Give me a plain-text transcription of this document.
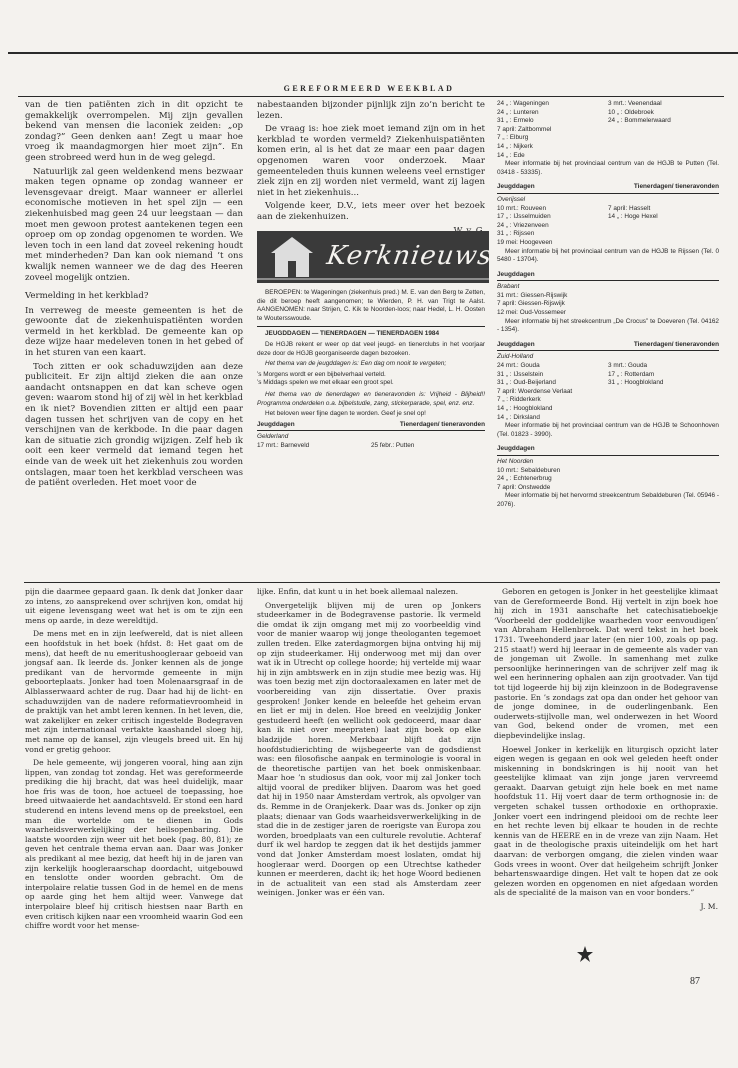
GEREFORMEERD WEEKBLAD

van de tien patiënten zich in dit opzicht te gemakkelijk overrompelen. Mij zijn gevallen bekend van mensen die laconiek zeiden: „op zondag?” Geen denken aan! Zegt u maar hoe vroeg ik maandagmorgen hier moet zijn”. En geen strobreed werd hun in de weg gelegd.

Natuurlijk zal geen weldenkend mens bezwaar maken tegen opname op zondag wanneer er levensgevaar dreigt. Maar wanneer er allerlei economische motieven in het spel zijn — een ziekenhuisbed mag geen 24 uur leegstaan — dan moet men gewoon protest aantekenen tegen een oproep om op zondag opgenomen te worden. We leven toch in een land dat zoveel rekening houdt met minderheden? Dan kan ook niemand ’t ons kwalijk nemen wanneer we de dag des Heeren zoveel mogelijk ontzien.

Vermelding in het kerkblad?

In verreweg de meeste gemeenten is het de gewoonte dat de ziekenhuispatiënten worden vermeld in het kerkblad. De gemeente kan op deze wijze haar medeleven tonen in het gebed of in het sturen van een kaart.

Toch zitten er ook schaduwzijden aan deze publiciteit. Er zijn altijd zieken die aan onze aandacht ontsnappen en dat kan scheve ogen geven: waarom stond hij of zij wèl in het kerkblad en ik niet? Bovendien zitten er altijd een paar dagen tussen het schrijven van de copy en het verschijnen van de kerkbode. In die paar dagen kan de situatie zich grondig wijzigen. Zelf heb ik ooit een keer vermeld dat iemand tegen het einde van de week uit het ziekenhuis zou worden ontslagen, maar toen het kerkblad verscheen was de patiënt overleden. Het moet voor de

nabestaanden bijzonder pijnlijk zijn zo’n bericht te lezen.

De vraag is: hoe ziek moet iemand zijn om in het kerkblad te worden vermeld? Ziekenhuispatiënten komen erin, al is het dat ze maar een paar dagen opgenomen waren voor onderzoek. Maar gemeenteleden thuis kunnen weleens veel ernstiger ziek zijn en zij worden niet vermeld, want zij lagen niet in het ziekenhuis...

Volgende keer, D.V., iets meer over het bezoek aan de ziekenhuizen.

Kerknieuws

BEROEPEN: te Wageningen (ziekenhuis pred.) M. E. van den Berg te Zetten, die dit beroep heeft aangenomen; te Wierden, P. H. van Trigt te Aalst. AANGENOMEN: naar Strijen, C. Kik te Noorden-loos; naar Hedel, L. H. Oosten te Woutersswoude.

JEUGDDAGEN — TIENERDAGEN — TIENERDAGEN 1984

De HGJB rekent er weer op dat veel jeugd- en tienerclubs in het voorjaar deze door de HGJB georganiseerde dagen bezoeken.

Het thema van de jeugddagen is: Een dag om nooit te vergeten;

’s Morgens wordt er een bijbelverhaal verteld.
’s Middags spelen we met elkaar een groot spel.

Het thema van de tienerdagen en tieneravonden is: Vrijheid - Blijheid!! Programma onderdelen o.a. bijbelstudie, zang, stickerparade, spel, enz. enz.

Het beloven weer fijne dagen te worden. Geef je snel op!

Jeugddagen	Tienerdagen/ tieneravonden
Gelderland
17 mrt.: Barneveld	25 febr.: Putten
24 „ : Wageningen	3 mrt.: Veenendaal
24 „ : Lunteren	10 „ : Oldebroek
31 „ : Ermelo	24 „ : Bommelerwaard
7 april: Zaltbommel
7 „ : Elburg
14 „ : Nijkerk
14 „ : Ede

Meer informatie bij het provinciaal centrum van de HGJB te Putten (Tel. 03418 - 53335).

Jeugddagen	Tienerdagen/ tieneravonden
Overijssel
10 mrt.: Rouveen	7 april: Hasselt
17 „ : IJsselmuiden	14 „ : Hoge Hexel
24 „ : Vriezenveen
31 „ : Rijssen
19 mei: Hoogeveen

Meer informatie bij het provinciaal centrum van de HGJB te Rijssen (Tel. 0 5480 - 13704).

Jeugddagen
Brabant
31 mrt.: Giessen-Rijswijk
7 april: Giessen-Rijswijk
12 mei: Oud-Vossemeer

Meer informatie bij het streekcentrum „De Crocus” te Doeveren (Tel. 04162 - 1354).

Jeugddagen	Tienerdagen/ tieneravonden
Zuid-Holland
24 mrt.: Gouda	3 mrt.: Gouda
31 „ : IJsselstein	17 „ : Rotterdam
31 „ : Oud-Beijerland	31 „ : Hoogblokland
7 april: Woerdense Verlaat
7 „ : Ridderkerk
14 „ : Hoogblokland
14 „ : Dirksland

Meer informatie bij het provinciaal centrum van de HGJB te Schoonhoven (Tel. 01823 - 3990).

Jeugddagen
Het Noorden
10 mrt.: Sebaldeburen
24 „ : Echtenerbrug
7 april: Onstwedde

Meer informatie bij het hervormd streekcentrum Sebaldeburen (Tel. 05946 - 2076).

pijn die daarmee gepaard gaan. Ik denk dat Jonker daar zo intens, zo aansprekend over schrijven kon, omdat hij uit eigene levensgang weet wat het is om te zijn een mens op aarde, in deze wereldtijd.

De mens met en in zijn leefwereld, dat is niet alleen een hoofdstuk in het boek (hfdst. 8: Het gaat om de mens), dat heeft de nu emeritushoogleraar geboeid van jongsaf aan. Ik leerde ds. Jonker kennen als de jonge predikant van de hervormde gemeente in mijn geboorteplaats. Jonker had toen Molenaarsgraaf in de Alblasserwaard achter de rug. Daar had hij de licht- en schaduwzijden van de nadere reformatievroomheid in de praktijk van het ambt leren kennen. In het leven, die, wat zakelijker en zeker critisch ingestelde Bodegraven met zijn internationaal vertakte kaashandel sloeg hij, met name op de kansel, zijn vleugels breed uit. En hij vond er gretig gehoor.

De hele gemeente, wij jongeren vooral, hing aan zijn lippen, van zondag tot zondag. Het was gereformeerde prediking die hij bracht, dat was heel duidelijk, maar hoe fris was de toon, hoe actueel de toepassing, hoe breed uitwaaierde het aandachtsveld. Er stond een hard studerend en intens levend mens op de preekstoel, een man die wortelde om te dienen in Gods waarheidsverwerkelijking der heilsopenbaring. Die laatste woorden zijn weer uit het boek (pag. 80, 81); ze geven het centrale thema ervan aan. Daar was Jonker als predikant al mee bezig, dat heeft hij in de jaren van zijn kerkelijk hoogleraarschap doordacht, uitgebouwd en tenslotte onder woorden gebracht. Om de interpolaire relatie tussen God in de hemel en de mens op aarde ging het hem altijd weer. Vanwege dat interpolaire bleef hij critisch hiestsen naar Barth en even critisch kijken naar een vroomheid waarin God een chiffre wordt voor het mense-

lijke. Enfin, dat kunt u in het boek allemaal nalezen.

Onvergetelijk blijven mij de uren op Jonkers studeerkamer in de Bodegravense pastorie. Ik vermeld die omdat ik zijn omgang met mij zo voorbeeldig vind voor de manier waarop wij jonge theologanten tegemoet zullen treden. Elke zaterdagmorgen bijna ontving hij mij op zijn studeerkamer. Hij onderwoog met mij dan over wat ik in Utrecht op college hoorde; hij vertelde mij waar hij in zijn ambtswerk en in zijn studie mee bezig was. Hij was toen bezig met zijn doctoraalexamen en later met de voorbereiding van zijn dissertatie. Over praxis gesproken! Jonker kende en beleefde het geheim ervan en liet er mij in delen. Hoe breed en veelzijdig Jonker gestudeerd heeft (en wellicht ook gedoceerd, maar daar kan ik niet over meepraten) laat zijn boek op elke bladzijde horen. Merkbaar blijft dat zijn hoofdstudierichting de wijsbegeerte van de godsdienst was: een filosofische aanpak en terminologie is vooral in de theoretische partijen van het boek onmiskenbaar. Maar hoe ’n studiosus dan ook, voor mij zal Jonker toch altijd vooral de prediker blijven. Daarom was het goed dat hij in 1950 naar Amsterdam vertrok, als opvolger van ds. Remme in de Oranjekerk. Daar was ds. Jonker op zijn plaats; dienaar van Gods waarheidsverwerkelijking in de stad die in de zestiger jaren de roerigste van Europa zou worden, broedplaats van een culturele revolutie. Achteraf durf ik wel hardop te zeggen dat ik het destijds jammer vond dat Jonker Amsterdam moest loslaten, omdat hij hoogleraar werd. Doorgen op een Utrechtse katheder kunnen er meerderen, dacht ik; het hoge Woord bedienen in de actualiteit van een stad als Amsterdam zeer weinigen. Jonker was er één van.

Geboren en getogen is Jonker in het geestelijke klimaat van de Gereformeerde Bond. Hij vertelt in zijn boek hoe hij zich in 1931 aanschafte het catechisatieboekje ‘Voorbeeld der goddelijke waarheden voor eenvoudigen’ van Abraham Hellenbroek. Dat werd tekst in het boek 1731. Tweehonderd jaar later (en nier 100, zoals op pag. 215 staat!) werd hij leeraar in de gemeente als vader van de jongeman uit Zwolle. In samenhang met zulke persoonlijke herinneringen van de schrijver zelf mag ik wel een herinnering ophalen aan zijn grootvader. Van tijd tot tijd logeerde hij bij zijn kleinzoon in de Bodegravense pastorie. En ’s zondags zat opa dan onder het gehoor van de jonge dominee, in de ouderlingenbank. Een ouderwets-stijlvolle man, wel onderwezen in het Woord van God, bekend onder de vromen, met een diepbevindelijke inslag.

Hoewel Jonker in kerkelijk en liturgisch opzicht later eigen wegen is gegaan en ook wel geleden heeft onder miskenning in bondskringen is hij nooit van het geestelijke klimaat van zijn jonge jaren vervreemd geraakt. Daarvan getuigt zijn hele boek en met name hoofdstuk 11. Hij voert daar de term orthognosie in: de vergeten schakel tussen orthodoxie en orthopraxie. Jonker voert een indringend pleidooi om de rechte leer en het rechte leven bij elkaar te houden in de rechte kennis van de HEERE en in de vreze van zijn Naam. Het gaat in de theologische praxis uiteindelijk om het hart daarvan: de verborgen omgang, die zielen vinden waar Gods vrees in woont. Over dat heilgeheim schrijft Jonker behartenswaardige dingen. Het valt te hopen dat ze ook gelezen worden en opgenomen en niet afgedaan worden als de specialité de la maison van en voor bonders.”

J. M.
87
